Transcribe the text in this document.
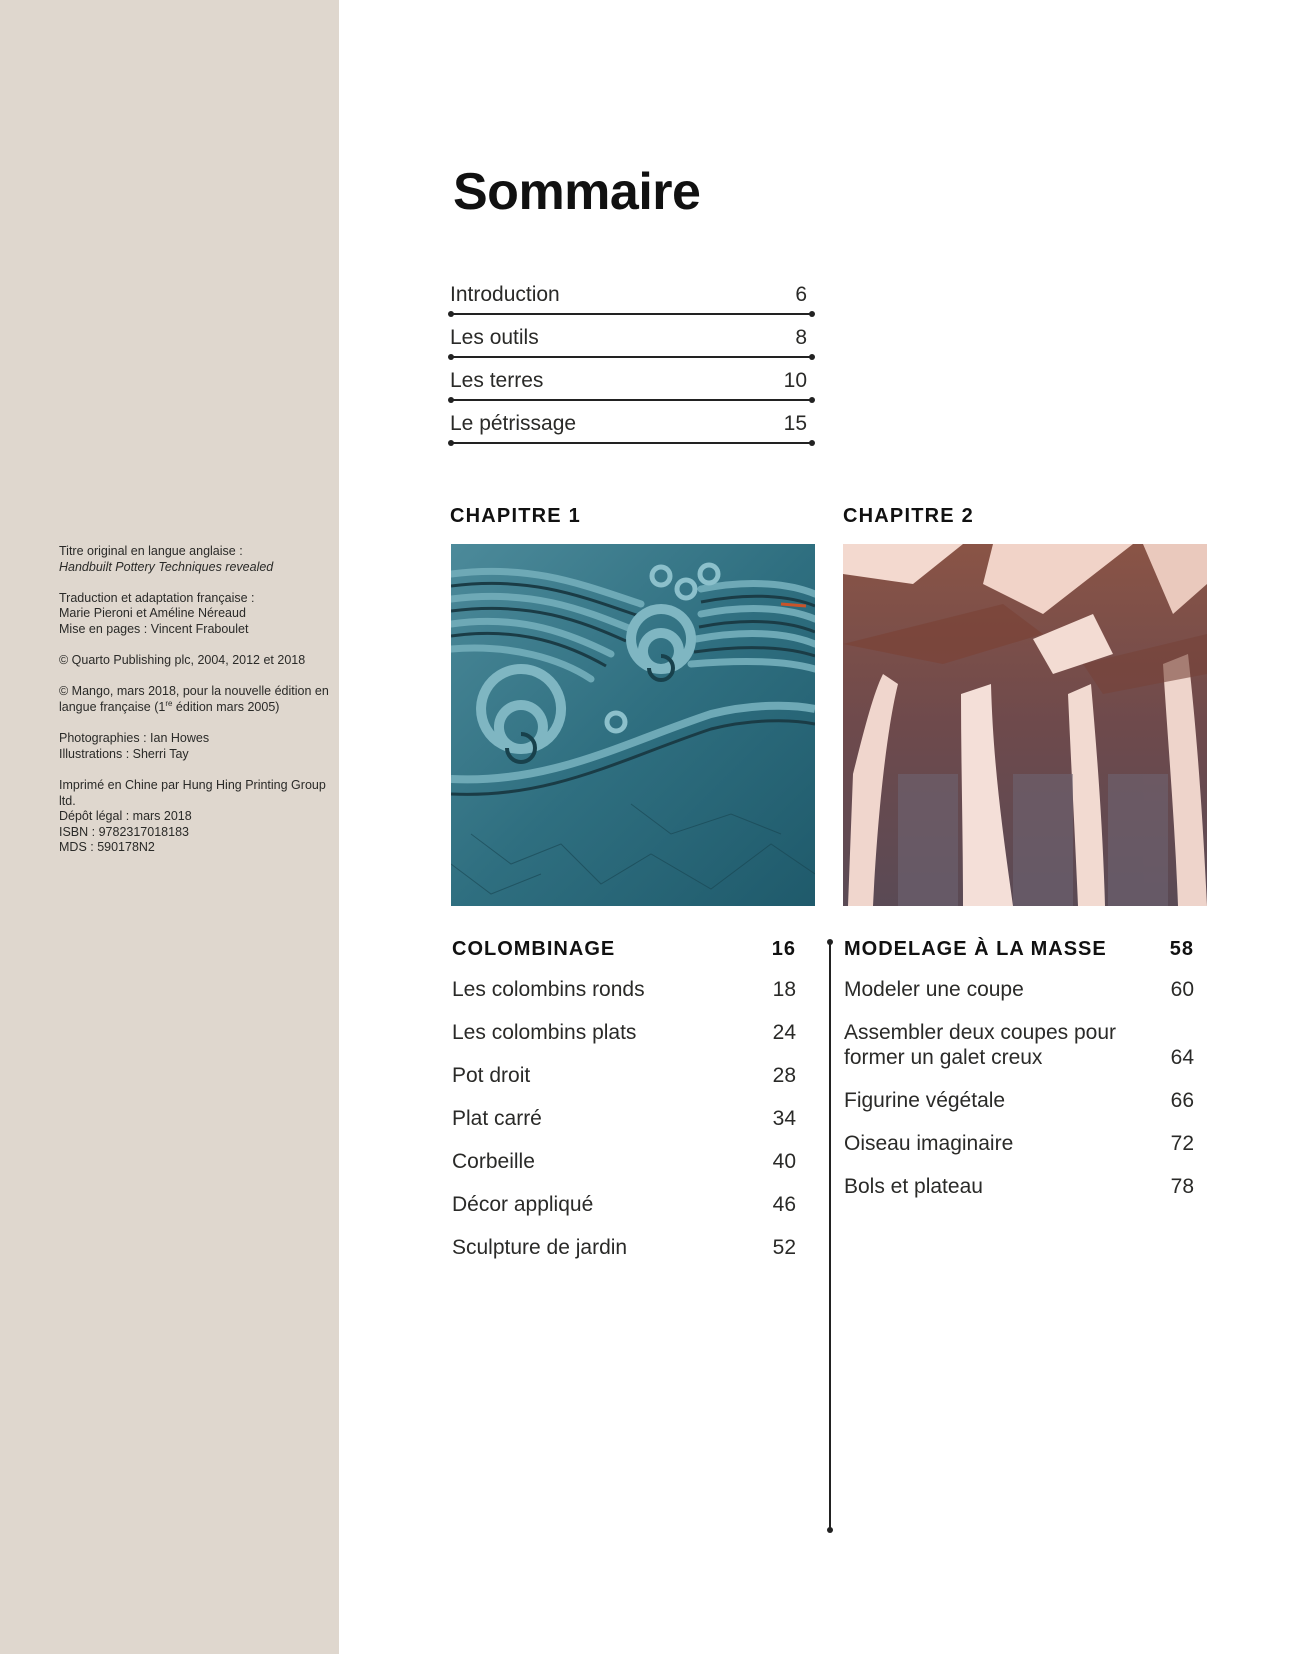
Titre original en langue anglaise :
Handbuilt Pottery Techniques revealed

Traduction et adaptation française :
Marie Pieroni et Améline Néreaud
Mise en pages : Vincent Fraboulet

© Quarto Publishing plc, 2004, 2012 et 2018

© Mango, mars 2018, pour la nouvelle édition en langue française (1re édition mars 2005)

Photographies : Ian Howes
Illustrations : Sherri Tay

Imprimé en Chine par Hung Hing Printing Group ltd.
Dépôt légal : mars 2018
ISBN : 9782317018183
MDS : 590178N2

Sommaire
Introduction	6
Les outils	8
Les terres	10
Le pétrissage	15
CHAPITRE 1	CHAPITRE 2
COLOMBINAGE	16
Les colombins ronds	18
Les colombins plats	24
Pot droit	28
Plat carré	34
Corbeille	40
Décor appliqué	46
Sculpture de jardin	52
MODELAGE À LA MASSE	58
Modeler une coupe	60
Assembler deux coupes pour former un galet creux	64
Figurine végétale	66
Oiseau imaginaire	72
Bols et plateau	78
